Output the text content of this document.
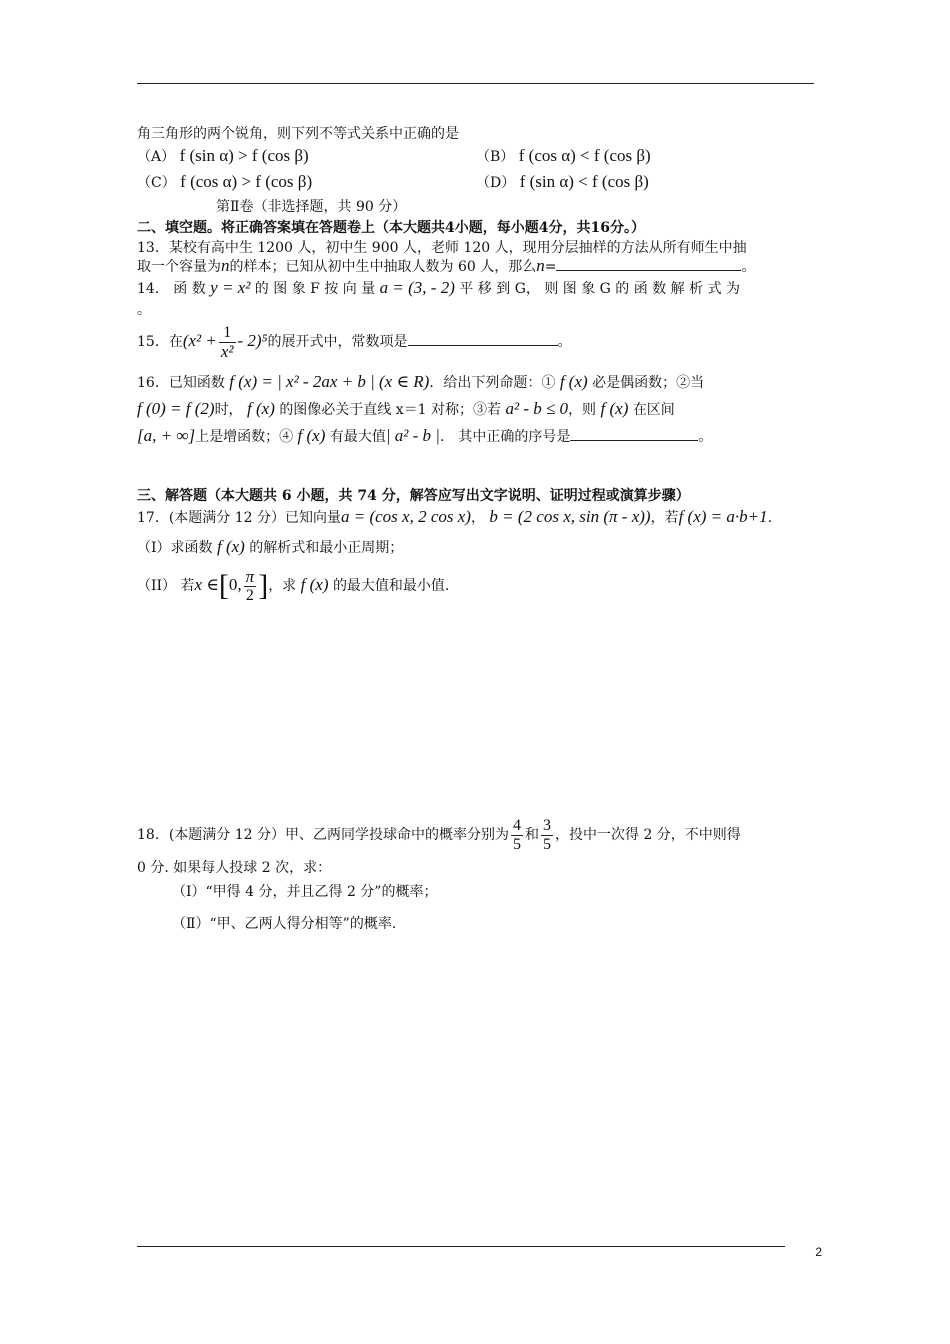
角三角形的两个锐角，则下列不等式关系中正确的是
（A） f (sin α) > f (cos β)	（B） f (cos α) < f (cos β)
（C） f (cos α) > f (cos β)	（D） f (sin α) < f (cos β)
第Ⅱ卷（非选择题，共 90 分）
二、填空题。将正确答案填在答题卷上（本大题共4小题，每小题4分，共16分。）
13．某校有高中生 1200 人，初中生 900 人，老师 120 人，现用分层抽样的方法从所有师生中抽
取一个容量为n的样本；已知从初中生中抽取人数为 60 人，那么n=	。
14． 函 数 y = x² 的 图 象 F 按 向 量 a = (3, - 2) 平 移 到 G， 则 图 象 G 的 函 数 解 析 式 为
。
15．在$(x^2 + \frac{1}{\text{x²}} - 2)^5$的展开式中，常数项是	。
16．已知函数 f (x) = | x² - 2ax + b | (x ∈ R)．给出下列命题：① f (x) 必是偶函数；②当
f (0) = f (2)时， f (x) 的图像必关于直线 x＝1 对称；③若 a² - b ≤ 0，则 f (x) 在区间
[a, + ∞]上是增函数；④ f (x) 有最大值| a² - b |． 其中正确的序号是	。
三、解答题（本大题共 6 小题，共 74 分，解答应写出文字说明、证明过程或演算步骤）
17．(本题满分 12 分）已知向量a = (cos x, 2 cos x)， b = (2 cos x, sin (π - x))，若f (x) = a·b+1.
（I）求函数 f (x) 的解析式和最小正周期；
（II） 若x ∈[0, $\frac{\pi}{2}$ ]，求 f (x) 的最大值和最小值.
18．(本题满分 12 分）甲、乙两同学投球命中的概率分别为 $\frac{4}{5}$ 和 $\frac{3}{5}$ ，投中一次得 2 分，不中则得
0 分. 如果每人投球 2 次，求：
（Ⅰ）“甲得 4 分，并且乙得 2 分”的概率；
（Ⅱ）“甲、乙两人得分相等”的概率.
2
